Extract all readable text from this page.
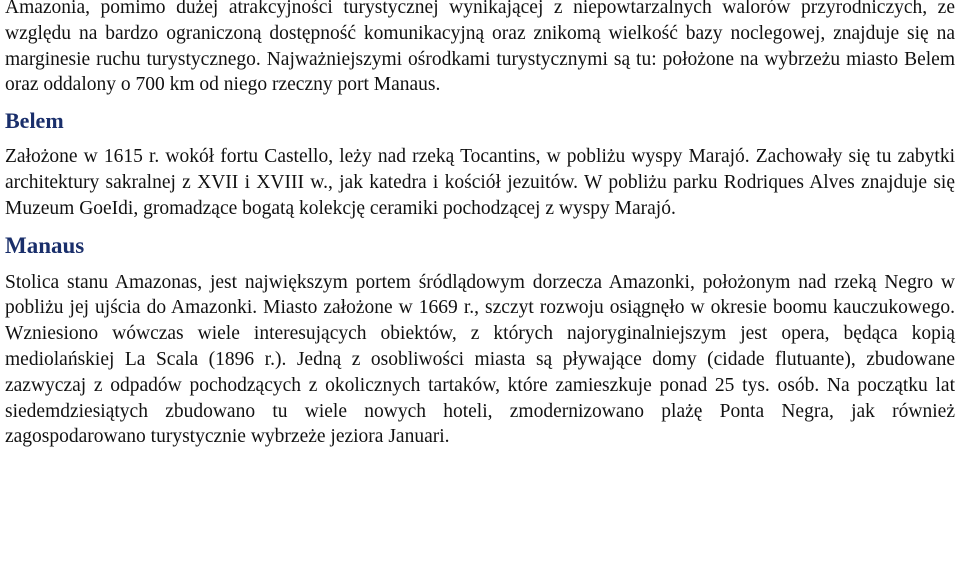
Amazonia, pomimo dużej atrakcyjności turystycznej wynikającej z niepowtarzalnych walorów przyrodniczych, ze względu na bardzo ograniczoną dostępność komunikacyjną oraz znikomą wielkość bazy noclegowej, znajduje się na marginesie ruchu turystycznego. Najważniejszymi ośrodkami turystycznymi są tu: położone na wybrzeżu miasto Belem oraz oddalony o 700 km od niego rzeczny port Manaus.

Belem

Założone w 1615 r. wokół fortu Castello, leży nad rzeką Tocantins, w pobliżu wyspy Marajó. Zachowały się tu zabytki architektury sakralnej z XVII i XVIII w., jak katedra i kościół jezuitów. W pobliżu parku Rodriques Alves znajduje się Muzeum GoeIdi, gromadzące bogatą kolekcję ceramiki pochodzącej z wyspy Marajó.

Manaus

Stolica stanu Amazonas, jest największym portem śródlądowym dorzecza Amazonki, położonym nad rzeką Negro w pobliżu jej ujścia do Amazonki. Miasto założone w 1669 r., szczyt rozwoju osiągnęło w okresie boomu kauczukowego. Wzniesiono wówczas wiele interesujących obiektów, z których najoryginalniejszym jest opera, będąca kopią mediolańskiej La Scala (1896 r.). Jedną z osobliwości miasta są pływające domy (cidade flutuante), zbudowane zazwyczaj z odpadów pochodzących z okolicznych tartaków, które zamieszkuje ponad 25 tys. osób. Na początku lat siedemdziesiątych zbudowano tu wiele nowych hoteli, zmodernizowano plażę Ponta Negra, jak również zagospodarowano turystycznie wybrzeże jeziora Januari.
